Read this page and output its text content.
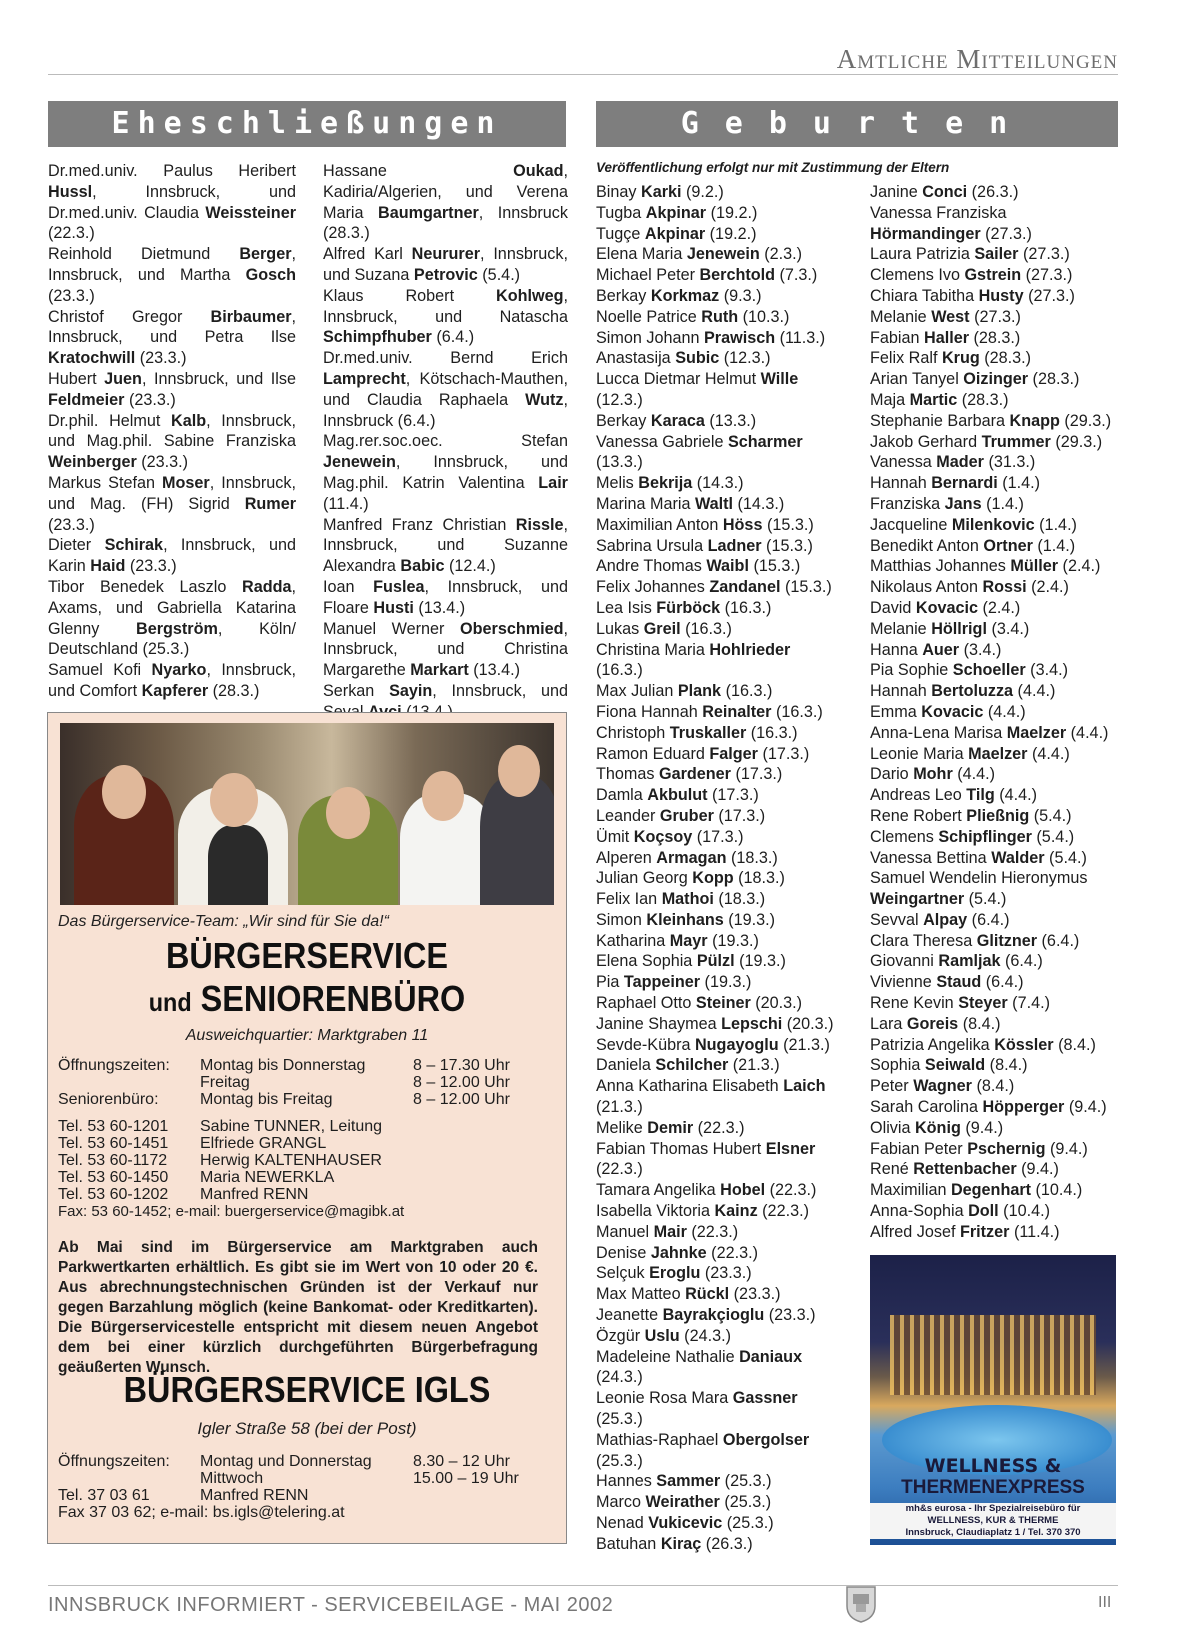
Amtliche Mitteilungen
Eheschließungen	Geburten
Dr.med.univ. Paulus Heribert Hussl, Innsbruck, und Dr.med.univ. Claudia Weissteiner (22.3.)
Reinhold Dietmund Berger, Innsbruck, und Martha Gosch (23.3.)
Christof Gregor Birbaumer, Innsbruck, und Petra Ilse Kratochwill (23.3.)
Hubert Juen, Innsbruck, und Ilse Feldmeier (23.3.)
Dr.phil. Helmut Kalb, Innsbruck, und Mag.phil. Sabine Franziska Weinberger (23.3.)
Markus Stefan Moser, Innsbruck, und Mag. (FH) Sigrid Rumer (23.3.)
Dieter Schirak, Innsbruck, und Karin Haid (23.3.)
Tibor Benedek Laszlo Radda, Axams, und Gabriella Katarina Glenny Bergström, Köln/ Deutschland (25.3.)
Samuel Kofi Nyarko, Innsbruck, und Comfort Kapferer (28.3.)
Hassane Oukad, Kadiria/Algerien, und Verena Maria Baumgartner, Innsbruck (28.3.)
Alfred Karl Neururer, Innsbruck, und Suzana Petrovic (5.4.)
Klaus Robert Kohlweg, Innsbruck, und Natascha Schimpfhuber (6.4.)
Dr.med.univ. Bernd Erich Lamprecht, Kötschach-Mauthen, und Claudia Raphaela Wutz, Innsbruck (6.4.)
Mag.rer.soc.oec. Stefan Jenewein, Innsbruck, und Mag.phil. Katrin Valentina Lair (11.4.)
Manfred Franz Christian Rissle, Innsbruck, und Suzanne Alexandra Babic (12.4.)
Ioan Fuslea, Innsbruck, und Floare Husti (13.4.)
Manuel Werner Oberschmied, Innsbruck, und Christina Margarethe Markart (13.4.)
Serkan Sayin, Innsbruck, und
Veröffentlichung erfolgt nur mit Zustimmung der Eltern
Binay Karki (9.2.)
Tugba Akpinar (19.2.)
Tugçe Akpinar (19.2.)
Elena Maria Jenewein (2.3.)
Michael Peter Berchtold (7.3.)
Berkay Korkmaz (9.3.)
Noelle Patrice Ruth (10.3.)
Simon Johann Prawisch (11.3.)
Anastasija Subic (12.3.)
Lucca Dietmar Helmut Wille (12.3.)
Berkay Karaca (13.3.)
Vanessa Gabriele Scharmer (13.3.)
Melis Bekrija (14.3.)
Marina Maria Waltl (14.3.)
Maximilian Anton Höss (15.3.)
Sabrina Ursula Ladner (15.3.)
Andre Thomas Waibl (15.3.)
Felix Johannes Zandanel (15.3.)
Lea Isis Fürböck (16.3.)
Lukas Greil (16.3.)
Christina Maria Hohlrieder (16.3.)
Max Julian Plank (16.3.)
Fiona Hannah Reinalter (16.3.)
Christoph Truskaller (16.3.)
Ramon Eduard Falger (17.3.)
Thomas Gardener (17.3.)
Damla Akbulut (17.3.)
Leander Gruber (17.3.)
Ümit Koçsoy (17.3.)
Alperen Armagan (18.3.)
Julian Georg Kopp (18.3.)
Felix Ian Mathoi (18.3.)
Simon Kleinhans (19.3.)
Katharina Mayr (19.3.)
Elena Sophia Pülzl (19.3.)
Pia Tappeiner (19.3.)
Raphael Otto Steiner (20.3.)
Janine Shaymea Lepschi (20.3.)
Sevde-Kübra Nugayoglu (21.3.)
Daniela Schilcher (21.3.)
Anna Katharina Elisabeth Laich (21.3.)
Melike Demir (22.3.)
Fabian Thomas Hubert Elsner (22.3.)
Tamara Angelika Hobel (22.3.)
Isabella Viktoria Kainz (22.3.)
Manuel Mair (22.3.)
Denise Jahnke (22.3.)
Selçuk Eroglu (23.3.)
Max Matteo Rückl (23.3.)
Jeanette Bayrakçioglu (23.3.)
Özgür Uslu (24.3.)
Madeleine Nathalie Daniaux (24.3.)
Leonie Rosa Mara Gassner (25.3.)
Mathias-Raphael Obergolser (25.3.)
Hannes Sammer (25.3.)
Marco Weirather (25.3.)
Nenad Vukicevic (25.3.)
Batuhan Kiraç (26.3.)
Janine Conci (26.3.)
Vanessa Franziska Hörmandinger (27.3.)
Laura Patrizia Sailer (27.3.)
Clemens Ivo Gstrein (27.3.)
Chiara Tabitha Husty (27.3.)
Melanie West (27.3.)
Fabian Haller (28.3.)
Felix Ralf Krug (28.3.)
Arian Tanyel Oizinger (28.3.)
Maja Martic (28.3.)
Stephanie Barbara Knapp (29.3.)
Jakob Gerhard Trummer (29.3.)
Vanessa Mader (31.3.)
Hannah Bernardi (1.4.)
Franziska Jans (1.4.)
Jacqueline Milenkovic (1.4.)
Benedikt Anton Ortner (1.4.)
Matthias Johannes Müller (2.4.)
Nikolaus Anton Rossi (2.4.)
David Kovacic (2.4.)
Melanie Höllrigl (3.4.)
Hanna Auer (3.4.)
Pia Sophie Schoeller (3.4.)
Hannah Bertoluzza (4.4.)
Emma Kovacic (4.4.)
Anna-Lena Marisa Maelzer (4.4.)
Leonie Maria Maelzer (4.4.)
Dario Mohr (4.4.)
Andreas Leo Tilg (4.4.)
Rene Robert Pließnig (5.4.)
Clemens Schipflinger (5.4.)
Vanessa Bettina Walder (5.4.)
Samuel Wendelin Hieronymus Weingartner (5.4.)
Sevval Alpay (6.4.)
Clara Theresa Glitzner (6.4.)
Giovanni Ramljak (6.4.)
Vivienne Staud (6.4.)
Rene Kevin Steyer (7.4.)
Lara Goreis (8.4.)
Patrizia Angelika Kössler (8.4.)
Sophia Seiwald (8.4.)
Peter Wagner (8.4.)
Sarah Carolina Höpperger (9.4.)
Olivia König (9.4.)
Fabian Peter Pschernig (9.4.)
René Rettenbacher (9.4.)
Maximilian Degenhart (10.4.)
Anna-Sophia Doll (10.4.)
Alfred Josef Fritzer (11.4.)
Das Bürgerservice-Team: „Wir sind für Sie da!“
BÜRGERSERVICE
und SENIORENBÜRO
Ausweichquartier: Marktgraben 11
Öffnungszeiten: Montag bis Donnerstag	8 – 17.30 Uhr
Freitag	8 – 12.00 Uhr
Seniorenbüro:	Montag bis Freitag	8 – 12.00 Uhr
Tel. 53 60-1201 Sabine TUNNER, Leitung
Tel. 53 60-1451 Elfriede GRANGL
Tel. 53 60-1172 Herwig KALTENHAUSER
Tel. 53 60-1450 Maria NEWERKLA
Tel. 53 60-1202 Manfred RENN
Fax: 53 60-1452; e-mail: buergerservice@magibk.at
Ab Mai sind im Bürgerservice am Marktgraben auch Parkwertkarten erhältlich. Es gibt sie im Wert von 10 oder 20 €. Aus abrechnungstechnischen Gründen ist der Verkauf nur gegen Barzahlung möglich (keine Bankomat- oder Kreditkarten). Die Bürgerservicestelle entspricht mit diesem neuen Angebot dem bei einer kürzlich durchgeführten Bürgerbefragung geäußerten Wunsch.
BÜRGERSERVICE IGLS
Igler Straße 58 (bei der Post)
Öffnungszeiten: Montag und Donnerstag	8.30 – 12 Uhr
Mittwoch	15.00 – 19 Uhr
Tel. 37 03 61	Manfred RENN
Fax 37 03 62; e-mail: bs.igls@telering.at
WELLNESS &
THERMENEXPRESS
mh&s eurosa - Ihr Spezialreisebüro für
WELLNESS, KUR & THERME
Innsbruck, Claudiaplatz 1 / Tel. 370 370
INNSBRUCK INFORMIERT - SERVICEBEILAGE - MAI 2002	III
